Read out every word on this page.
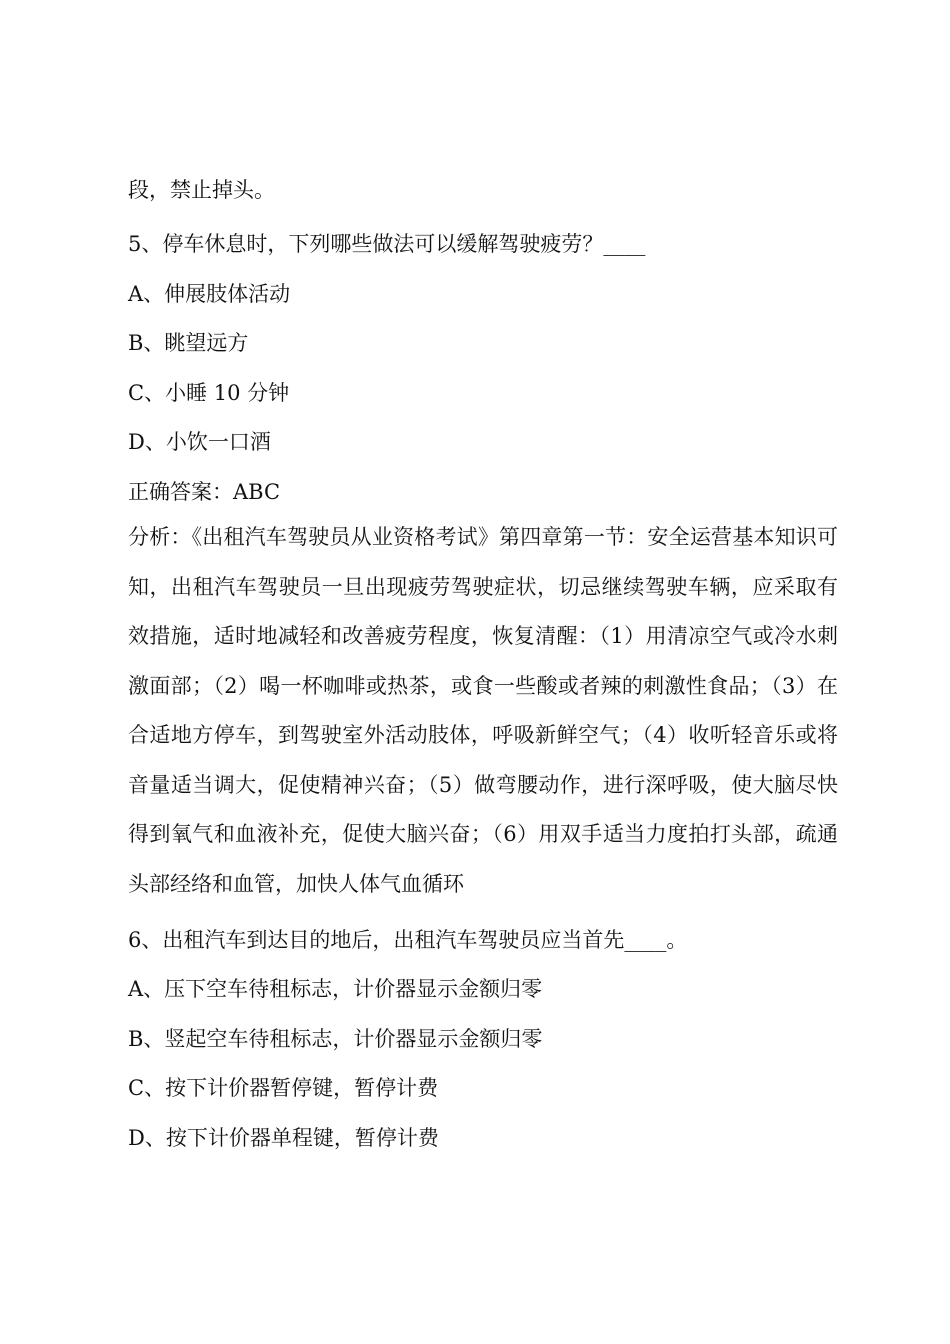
段，禁止掉头。
5、停车休息时，下列哪些做法可以缓解驾驶疲劳？____
A、伸展肢体活动
B、眺望远方
C、小睡 10 分钟
D、小饮一口酒
正确答案：ABC
分析：《出租汽车驾驶员从业资格考试》第四章第一节：安全运营基本知识可知，出租汽车驾驶员一旦出现疲劳驾驶症状，切忌继续驾驶车辆，应采取有效措施，适时地减轻和改善疲劳程度，恢复清醒：（1）用清凉空气或冷水刺激面部；（2）喝一杯咖啡或热茶，或食一些酸或者辣的刺激性食品；（3）在合适地方停车，到驾驶室外活动肢体，呼吸新鲜空气；（4）收听轻音乐或将音量适当调大，促使精神兴奋；（5）做弯腰动作，进行深呼吸，使大脑尽快得到氧气和血液补充，促使大脑兴奋；（6）用双手适当力度拍打头部，疏通头部经络和血管，加快人体气血循环
6、出租汽车到达目的地后，出租汽车驾驶员应当首先____。
A、压下空车待租标志，计价器显示金额归零
B、竖起空车待租标志，计价器显示金额归零
C、按下计价器暂停键，暂停计费
D、按下计价器单程键，暂停计费
